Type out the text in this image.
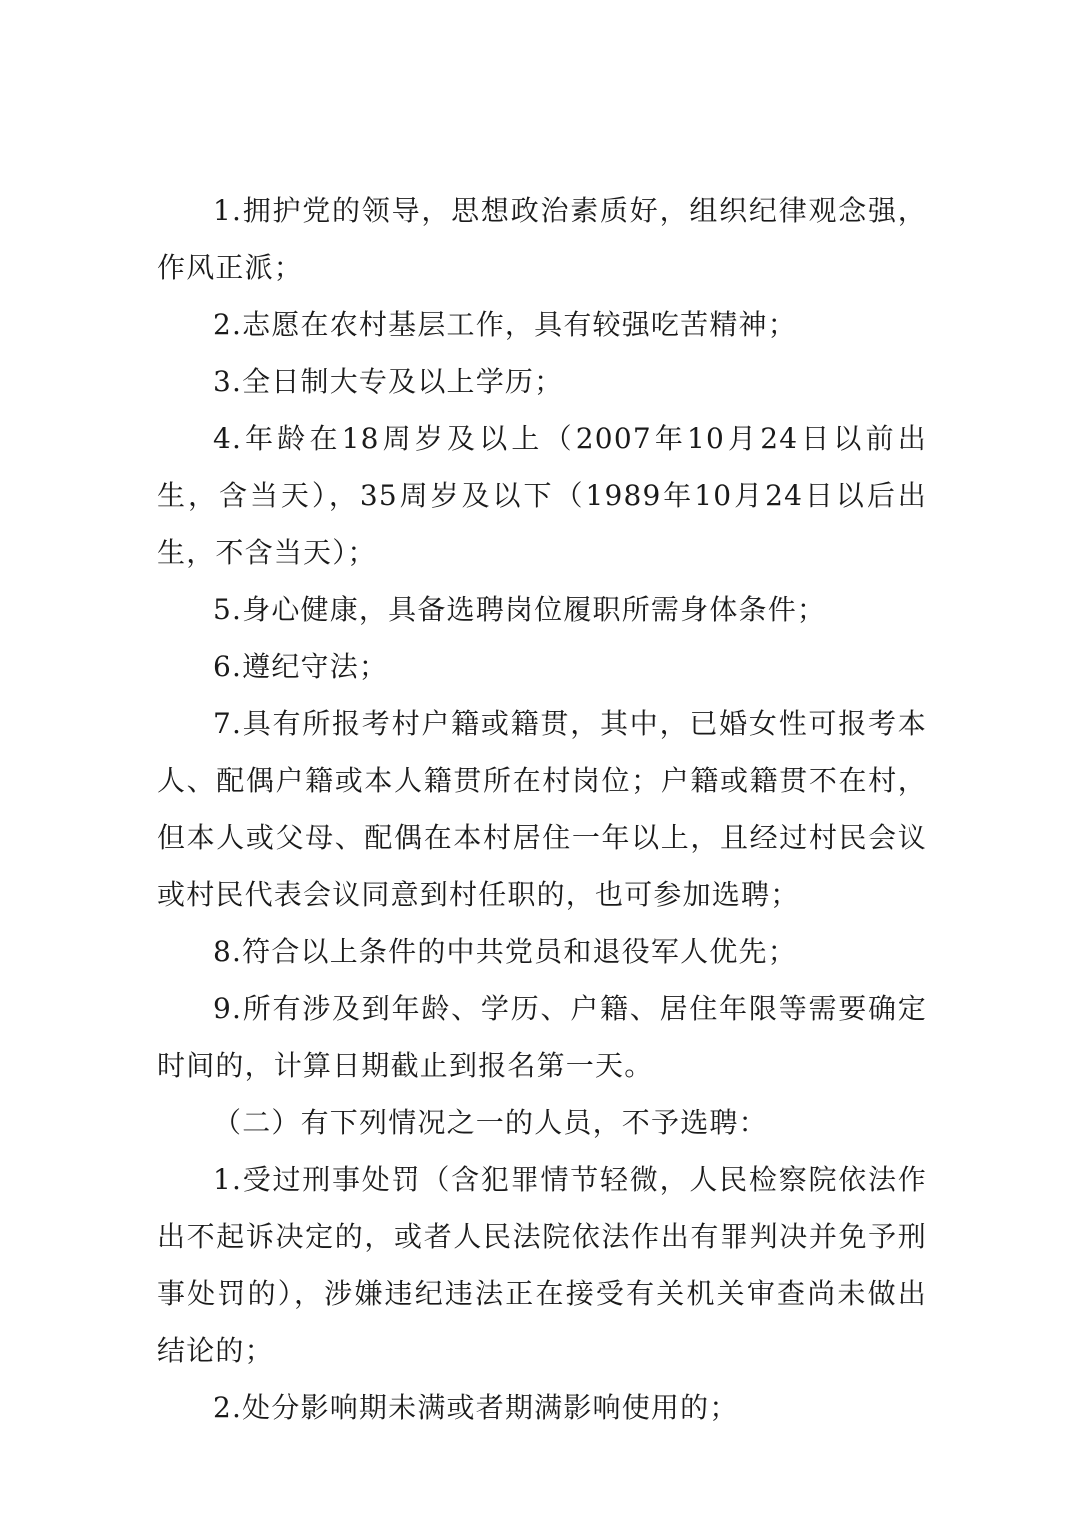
1.拥护党的领导，思想政治素质好，组织纪律观念强，作风正派；

2.志愿在农村基层工作，具有较强吃苦精神；

3.全日制大专及以上学历；

4.年龄在18周岁及以上（2007年10月24日以前出生，含当天），35周岁及以下（1989年10月24日以后出生，不含当天）；

5.身心健康，具备选聘岗位履职所需身体条件；

6.遵纪守法；

7.具有所报考村户籍或籍贯，其中，已婚女性可报考本人、配偶户籍或本人籍贯所在村岗位；户籍或籍贯不在村，但本人或父母、配偶在本村居住一年以上，且经过村民会议或村民代表会议同意到村任职的，也可参加选聘；

8.符合以上条件的中共党员和退役军人优先；

9.所有涉及到年龄、学历、户籍、居住年限等需要确定时间的，计算日期截止到报名第一天。

（二）有下列情况之一的人员，不予选聘：

1.受过刑事处罚（含犯罪情节轻微，人民检察院依法作出不起诉决定的，或者人民法院依法作出有罪判决并免予刑事处罚的），涉嫌违纪违法正在接受有关机关审查尚未做出结论的；

2.处分影响期未满或者期满影响使用的；
